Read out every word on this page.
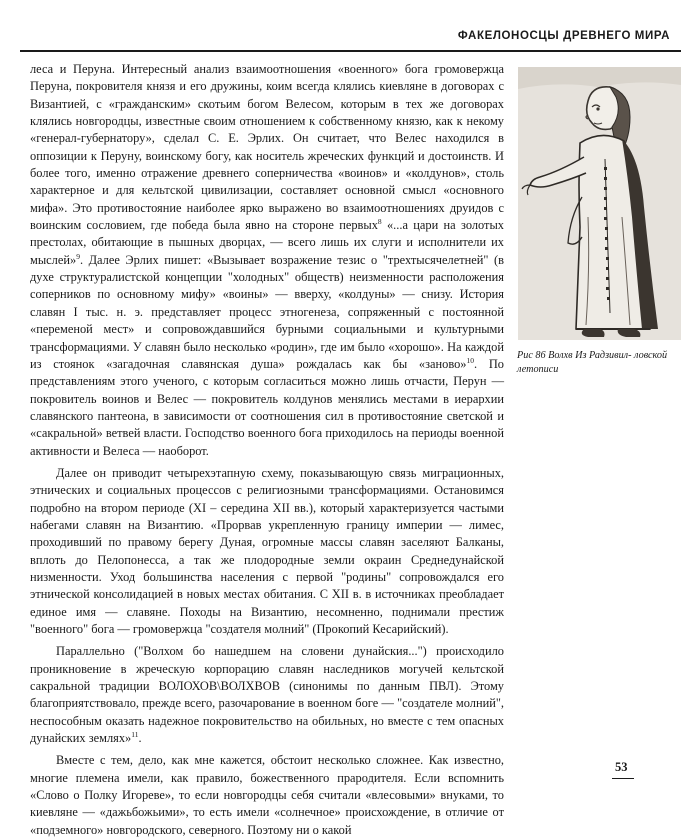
ФАКЕЛОНОСЦЫ ДРЕВНЕГО МИРА

леса и Перуна. Интересный анализ взаимоотношения «военного» бога громовержца Перуна, покровителя князя и его дружины, коим всегда клялись киевляне в договорах с Византией, с «гражданским» скотьим богом Велесом, которым в тех же договорах клялись новгородцы, известные своим отношением к собственному князю, как к некому «генерал-губернатору», сделал С. Е. Эрлих. Он считает, что Велес находился в оппозиции к Перуну, воинскому богу, как носитель жреческих функций и достоинств. И более того, именно отражение древнего соперничества «воинов» и «колдунов», столь характерное и для кельтской цивилизации, составляет основной смысл «основного мифа». Это противостояние наиболее ярко выражено во взаимоотношениях друидов с воинским сословием, где победа была явно на стороне первых$^8$ «...а цари на золотых престолах, обитающие в пышных дворцах, — всего лишь их слуги и исполнители их мыслей»$^9$. Далее Эрлих пишет: «Вызывает возражение тезис о "трехтысячелетней" (в духе структуралистской концепции "холодных" обществ) неизменности расположения соперников по основному мифу» «воины» — вверху, «колдуны» — снизу. История славян I тыс. н. э. представляет процесс этногенеза, сопряженный с постоянной «переменой мест» и сопровождавшийся бурными социальными и культурными трансформациями. У славян было несколько «родин», где им было «хорошо». На каждой из стоянок «загадочная славянская душа» рождалась как бы «заново»$^{10}$. По представлениям этого ученого, с которым согласиться можно лишь отчасти, Перун — покровитель воинов и Велес — покровитель колдунов менялись местами в иерархии славянского пантеона, в зависимости от соотношения сил в противостояние светской и «сакральной» ветвей власти. Господство военного бога приходилось на периоды военной активности и Велеса — наоборот.

Далее он приводит четырехэтапную схему, показывающую связь миграционных, этнических и социальных процессов с религиозными трансформациями. Остановимся подробно на втором периоде (XI – середина XII вв.), который характеризуется частыми набегами славян на Византию. «Прорвав укрепленную границу империи — лимес, проходивший по правому берегу Дуная, огромные массы славян заселяют Балканы, вплоть до Пелопонесса, а так же плодородные земли окраин Среднедунайской низменности. Уход большинства населения с первой "родины" сопровождался его этнической консолидацией в новых местах обитания. С XII в. в источниках преобладает единое имя — славяне. Походы на Византию, несомненно, поднимали престиж "военного" бога — громовержца "создателя молний" (Прокопий Кесарийский).

Параллельно ("Волхом бо нашедшем на словени дунайския...") происходило проникновение в жреческую корпорацию славян наследников могучей кельтской сакральной традиции ВОЛОХОВ\ВОЛХВОВ (синонимы по данным ПВЛ). Этому благоприятствовало, прежде всего, разочарование в военном боге — "создателе молний", неспособным оказать надежное покровительство на обильных, но вместе с тем опасных дунайских землях»$^{11}$.

Вместе с тем, дело, как мне кажется, обстоит несколько сложнее. Как известно, многие племена имели, как правило, божественного прародителя. Если вспомнить «Слово о Полку Игореве», то если новгородцы себя считали «влесовыми» внуками, то киевляне — «дажьбожьими», то есть имели «солнечное» происхождение, в отличие от «подземного» новгородского, северного. Поэтому ни о какой

Рис 86 Волхв Из Радзивил- ловской летописи
53
